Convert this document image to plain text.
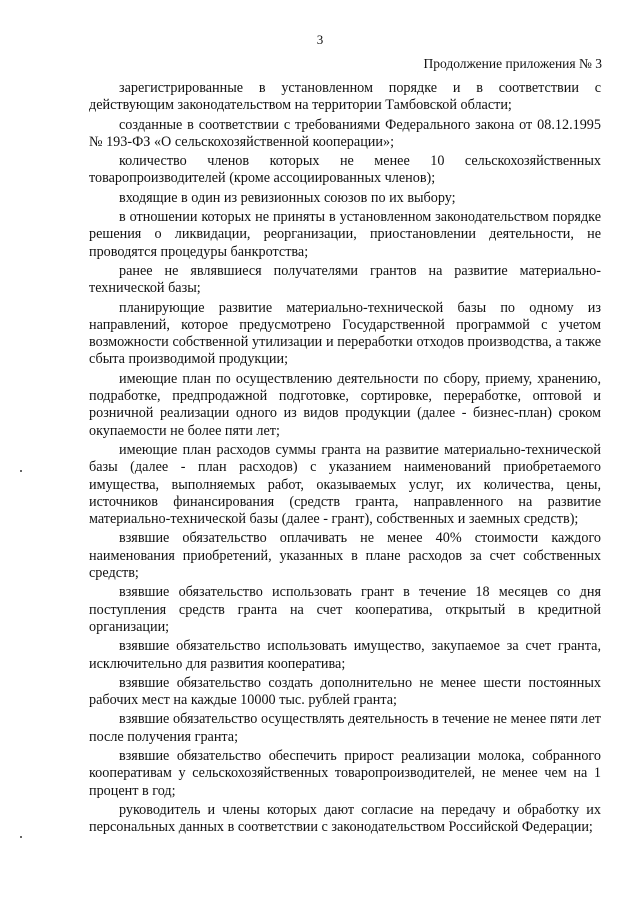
3
Продолжение приложения № 3

зарегистрированные в установленном порядке и в соответствии с действующим законодательством на территории Тамбовской области;

созданные в соответствии с требованиями Федерального закона от 08.12.1995 № 193-ФЗ «О сельскохозяйственной кооперации»;

количество членов которых не менее 10 сельскохозяйственных товаропроизводителей (кроме ассоциированных членов);

входящие в один из ревизионных союзов по их выбору;

в отношении которых не приняты в установленном законодательством порядке решения о ликвидации, реорганизации, приостановлении деятельности, не проводятся процедуры банкротства;

ранее не являвшиеся получателями грантов на развитие материально-технической базы;

планирующие развитие материально-технической базы по одному из направлений, которое предусмотрено Государственной программой с учетом возможности собственной утилизации и переработки отходов производства, а также сбыта производимой продукции;

имеющие план по осуществлению деятельности по сбору, приему, хранению, подработке, предпродажной подготовке, сортировке, переработке, оптовой и розничной реализации одного из видов продукции (далее - бизнес-план) сроком окупаемости не более пяти лет;

имеющие план расходов суммы гранта на развитие материально-технической базы (далее - план расходов) с указанием наименований приобретаемого имущества, выполняемых работ, оказываемых услуг, их количества, цены, источников финансирования (средств гранта, направленного на развитие материально-технической базы (далее - грант), собственных и заемных средств);

взявшие обязательство оплачивать не менее 40% стоимости каждого наименования приобретений, указанных в плане расходов за счет собственных средств;

взявшие обязательство использовать грант в течение 18 месяцев со дня поступления средств гранта на счет кооператива, открытый в кредитной организации;

взявшие обязательство использовать имущество, закупаемое за счет гранта, исключительно для развития кооператива;

взявшие обязательство создать дополнительно не менее шести постоянных рабочих мест на каждые 10000 тыс. рублей гранта;

взявшие обязательство осуществлять деятельность в течение не менее пяти лет после получения гранта;

взявшие обязательство обеспечить прирост реализации молока, собранного кооперативам у сельскохозяйственных товаропроизводителей, не менее чем на 1 процент в год;

руководитель и члены которых дают согласие на передачу и обработку их персональных данных в соответствии с законодательством Российской Федерации;
